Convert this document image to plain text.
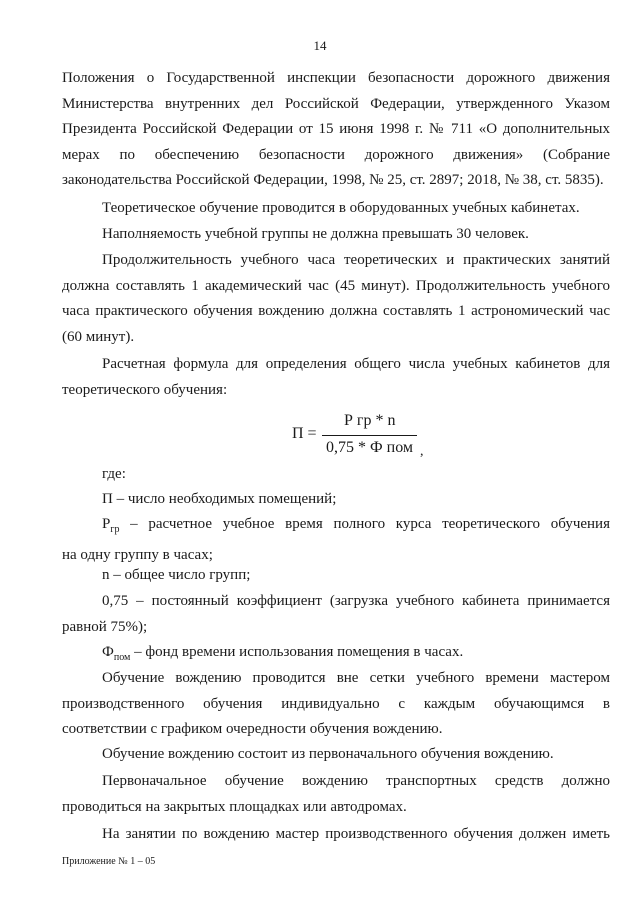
14
Положения о Государственной инспекции безопасности дорожного движения
Министерства внутренних дел Российской Федерации, утвержденного Указом
Президента Российской Федерации от 15 июня 1998 г. № 711 «О дополнительных
мерах по обеспечению безопасности дорожного движения» (Собрание
законодательства Российской Федерации, 1998, № 25, ст. 2897; 2018, № 38, ст. 5835).
Теоретическое обучение проводится в оборудованных учебных кабинетах.
Наполняемость учебной группы не должна превышать 30 человек.
Продолжительность учебного часа теоретических и практических занятий
должна составлять 1 академический час (45 минут). Продолжительность учебного
часа практического обучения вождению должна составлять 1 астрономический час
(60 минут).
Расчетная формула для определения общего числа учебных кабинетов для
теоретического обучения:
П =
Р гр * n
0,75 * Ф пом ,
где:
П – число необходимых помещений;
$Р_{гр}$ – расчетное учебное время полного курса теоретического обучения
на одну группу в часах;
n – общее число групп;
0,75 – постоянный коэффициент (загрузка учебного кабинета принимается
равной 75%);
$Ф_{пом}$ – фонд времени использования помещения в часах.
Обучение вождению проводится вне сетки учебного времени мастером
производственного обучения индивидуально с каждым обучающимся в
соответствии с графиком очередности обучения вождению.
Обучение вождению состоит из первоначального обучения вождению.
Первоначальное обучение вождению транспортных средств должно
проводиться на закрытых площадках или автодромах.
На занятии по вождению мастер производственного обучения должен иметь
Приложение № 1 – 05
